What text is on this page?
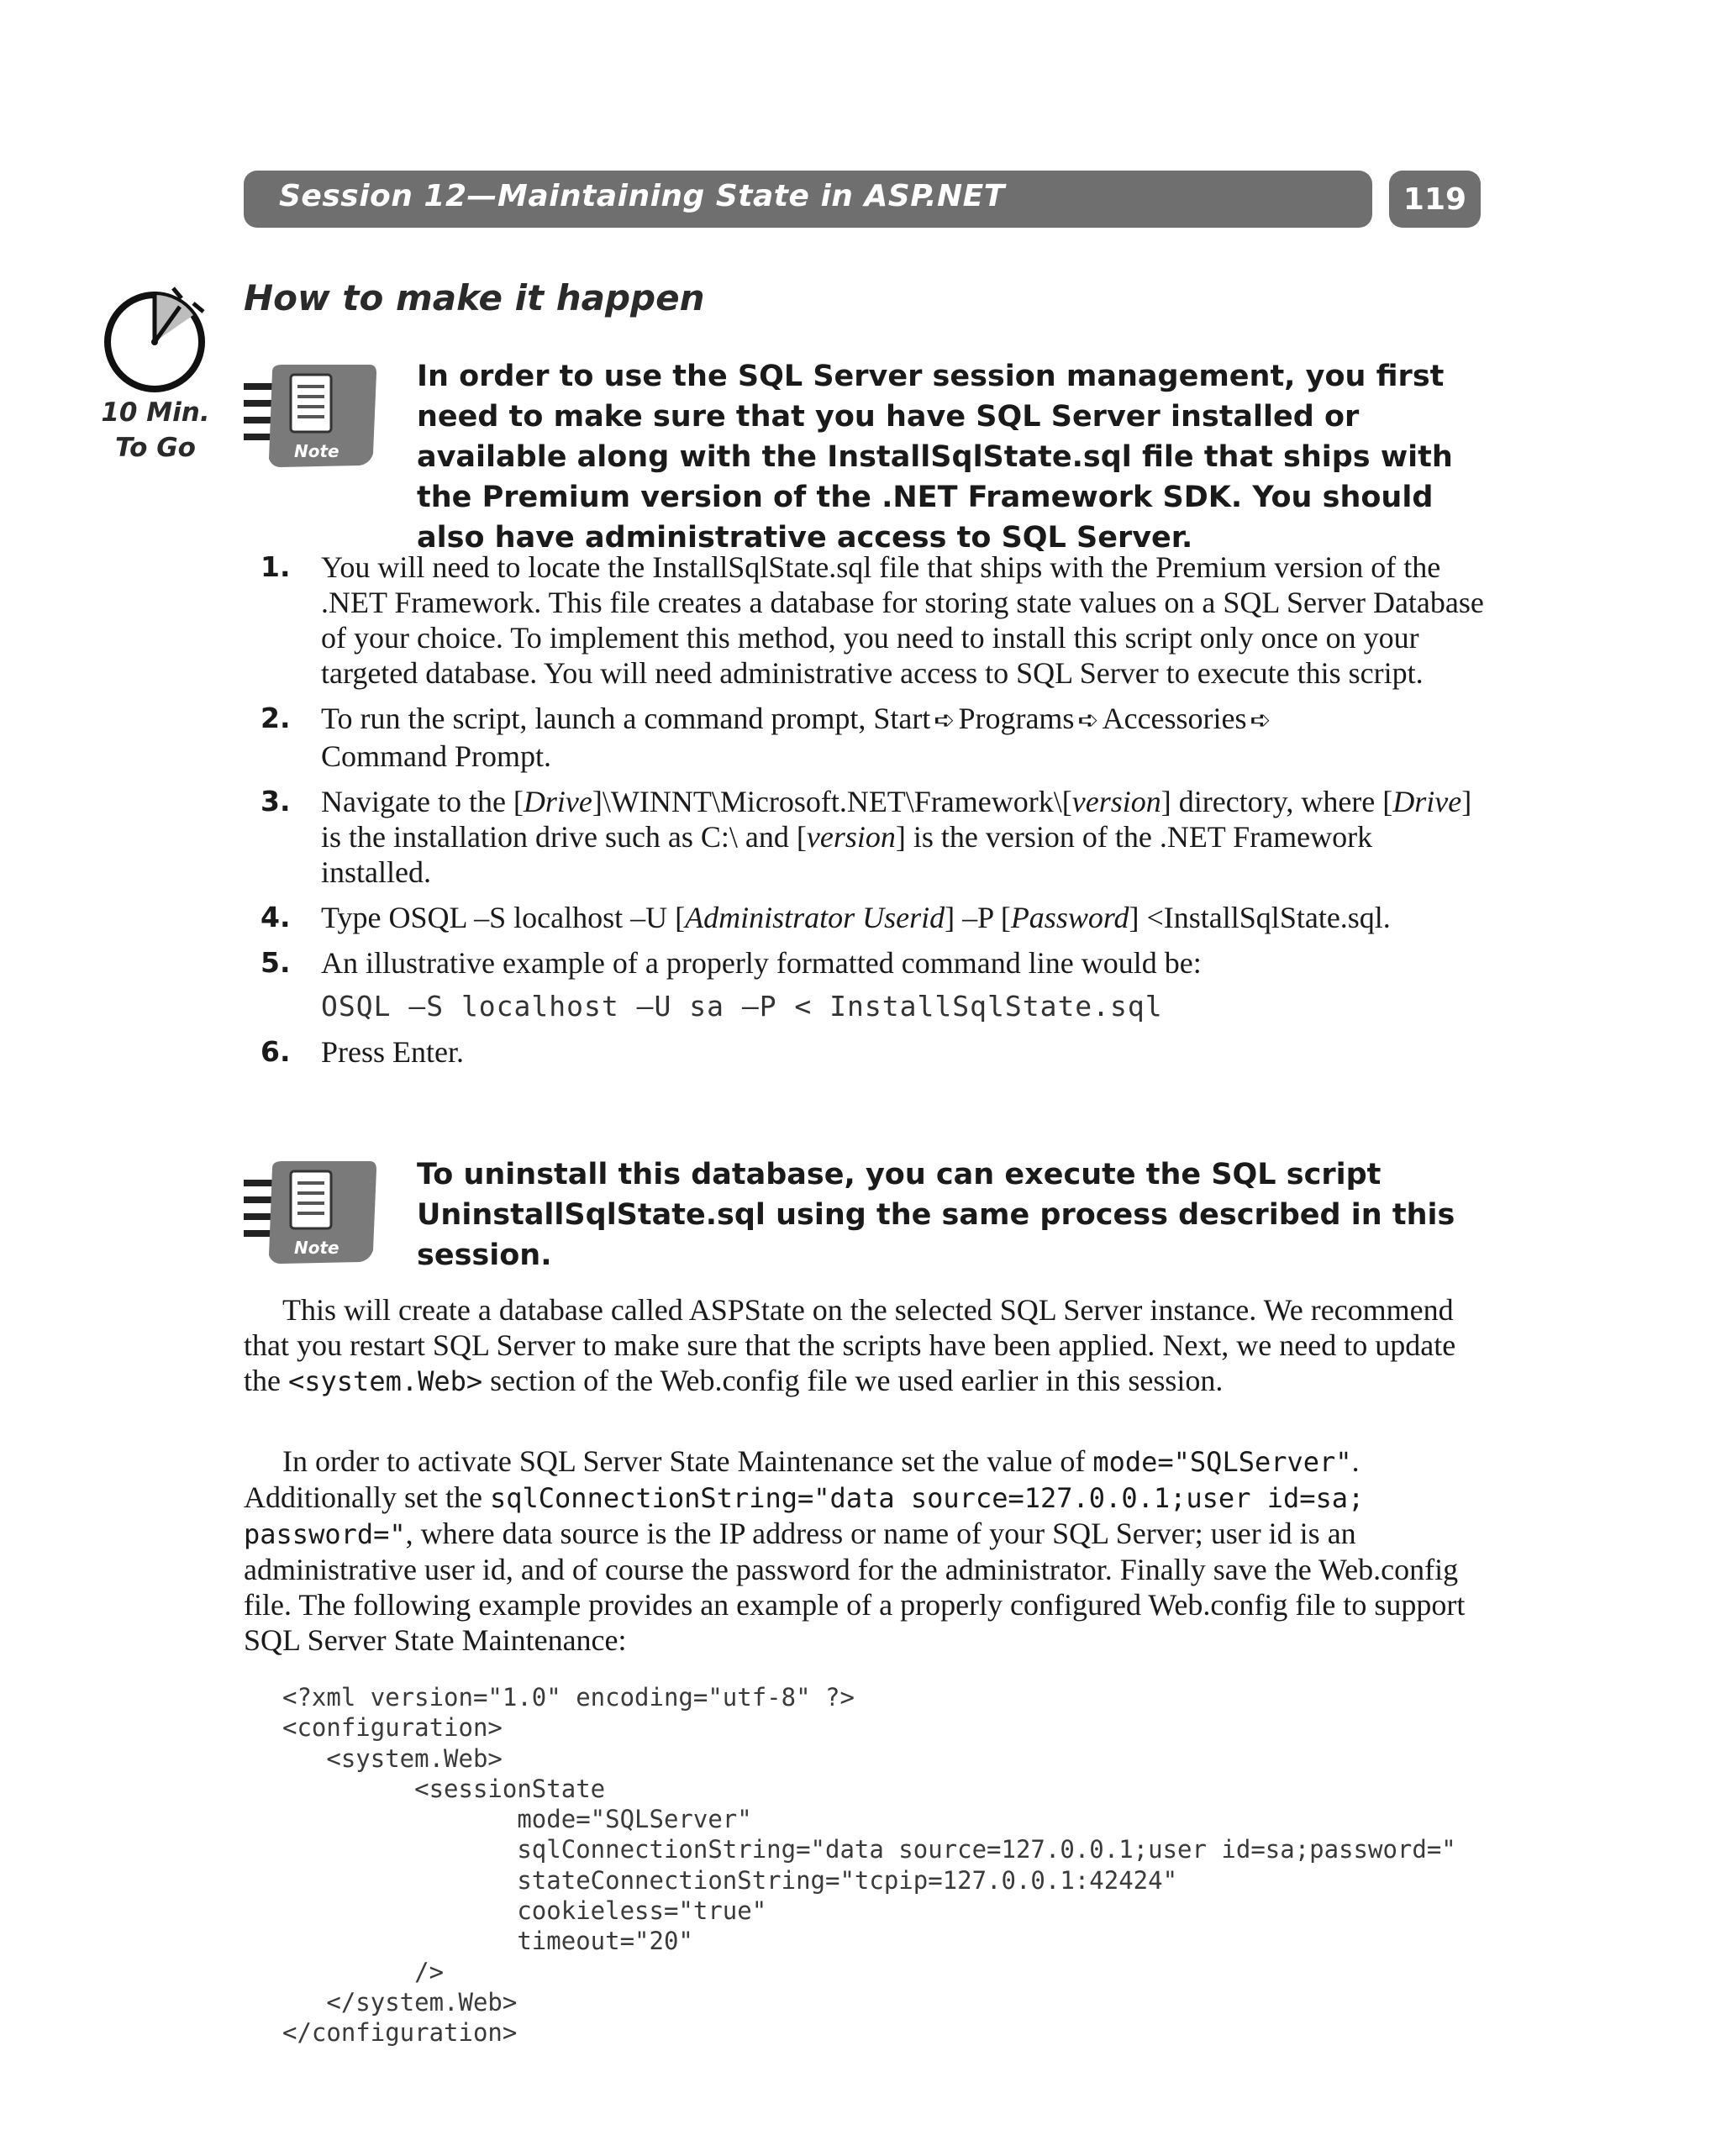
Session 12—Maintaining State in ASP.NET	119
10 Min.
To Go
How to make it happen
Note
In order to use the SQL Server session management, you first need to make sure that you have SQL Server installed or available along with the InstallSqlState.sql file that ships with the Premium version of the .NET Framework SDK. You should also have administrative access to SQL Server.
1. You will need to locate the InstallSqlState.sql file that ships with the Premium version of the .NET Framework. This file creates a database for storing state values on a SQL Server Database of your choice. To implement this method, you need to install this script only once on your targeted database. You will need administrative access to SQL Server to execute this script.
2. To run the script, launch a command prompt, Start ➪ Programs ➪ Accessories ➪
Command Prompt.
3. Navigate to the [Drive]\WINNT\Microsoft.NET\Framework\[version] directory, where [Drive] is the installation drive such as C:\ and [version] is the version of the .NET Framework installed.
4. Type OSQL –S localhost –U [Administrator Userid] –P [Password] <InstallSqlState.sql.
5. An illustrative example of a properly formatted command line would be:
OSQL –S localhost –U sa –P < InstallSqlState.sql
6. Press Enter.
Note
To uninstall this database, you can execute the SQL script UninstallSqlState.sql using the same process described in this session.
This will create a database called ASPState on the selected SQL Server instance. We recommend that you restart SQL Server to make sure that the scripts have been applied. Next, we need to update the <system.Web> section of the Web.config file we used earlier in this session.
In order to activate SQL Server State Maintenance set the value of mode="SQLServer". Additionally set the sqlConnectionString="data source=127.0.0.1;user id=sa; password=", where data source is the IP address or name of your SQL Server; user id is an administrative user id, and of course the password for the administrator. Finally save the Web.config file. The following example provides an example of a properly configured Web.config file to support SQL Server State Maintenance:
<?xml version="1.0" encoding="utf-8" ?>
<configuration>
<system.Web>
<sessionState
mode="SQLServer"
sqlConnectionString="data source=127.0.0.1;user id=sa;password="
stateConnectionString="tcpip=127.0.0.1:42424"
cookieless="true"
timeout="20"
/>
</system.Web>
</configuration>
